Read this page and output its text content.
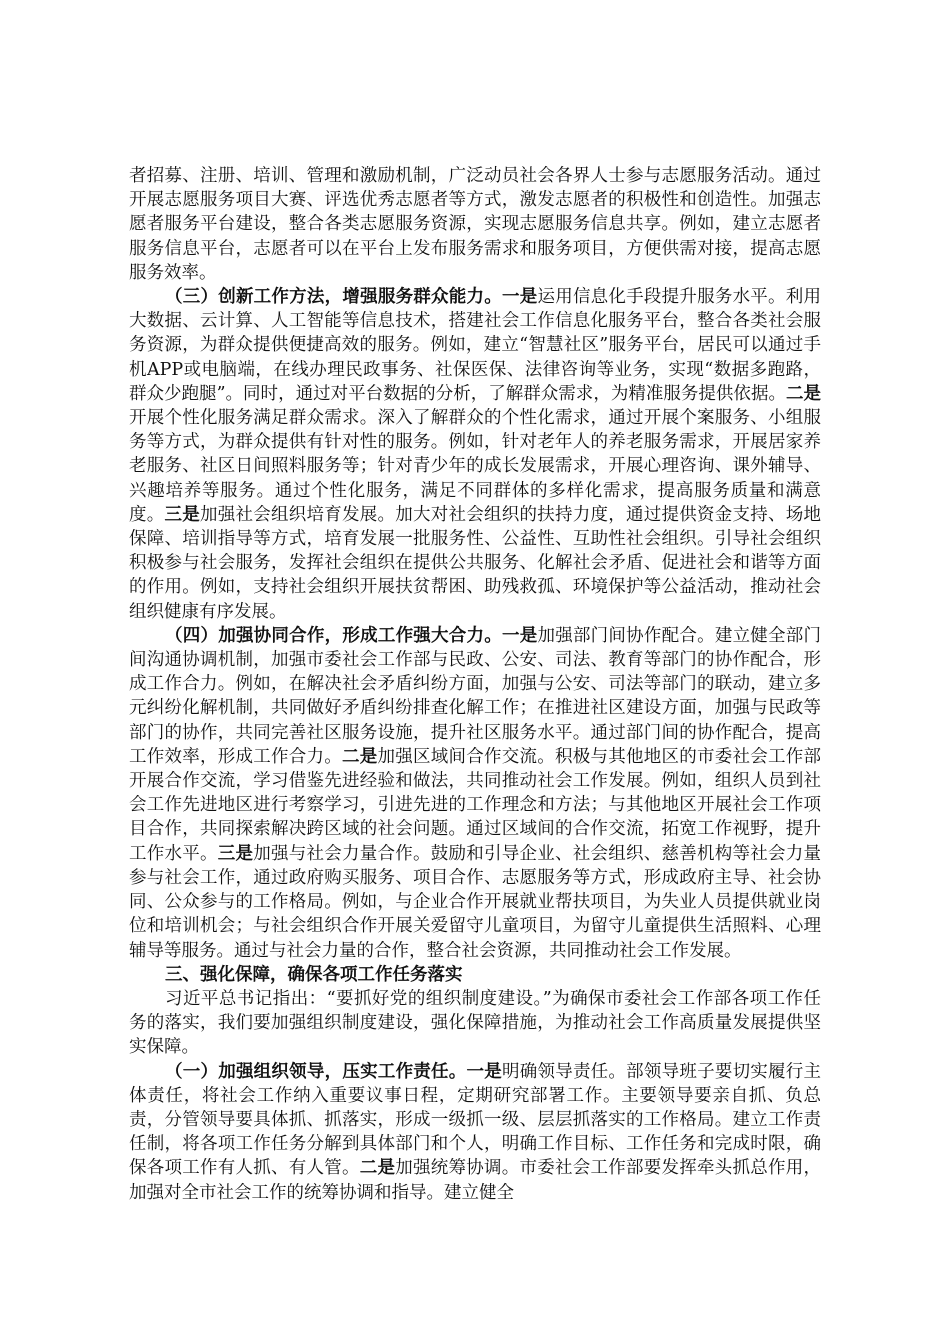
者招募、注册、培训、管理和激励机制，广泛动员社会各界人士参与志愿服务活动。通过开展志愿服务项目大赛、评选优秀志愿者等方式，激发志愿者的积极性和创造性。加强志愿者服务平台建设，整合各类志愿服务资源，实现志愿服务信息共享。例如，建立志愿者服务信息平台，志愿者可以在平台上发布服务需求和服务项目，方便供需对接，提高志愿服务效率。

（三）创新工作方法，增强服务群众能力。一是运用信息化手段提升服务水平。利用大数据、云计算、人工智能等信息技术，搭建社会工作信息化服务平台，整合各类社会服务资源，为群众提供便捷高效的服务。例如，建立“智慧社区”服务平台，居民可以通过手机APP或电脑端，在线办理民政事务、社保医保、法律咨询等业务，实现“数据多跑路，群众少跑腿”。同时，通过对平台数据的分析，了解群众需求，为精准服务提供依据。二是开展个性化服务满足群众需求。深入了解群众的个性化需求，通过开展个案服务、小组服务等方式，为群众提供有针对性的服务。例如，针对老年人的养老服务需求，开展居家养老服务、社区日间照料服务等；针对青少年的成长发展需求，开展心理咨询、课外辅导、兴趣培养等服务。通过个性化服务，满足不同群体的多样化需求，提高服务质量和满意度。三是加强社会组织培育发展。加大对社会组织的扶持力度，通过提供资金支持、场地保障、培训指导等方式，培育发展一批服务性、公益性、互助性社会组织。引导社会组织积极参与社会服务，发挥社会组织在提供公共服务、化解社会矛盾、促进社会和谐等方面的作用。例如，支持社会组织开展扶贫帮困、助残救孤、环境保护等公益活动，推动社会组织健康有序发展。

（四）加强协同合作，形成工作强大合力。一是加强部门间协作配合。建立健全部门间沟通协调机制，加强市委社会工作部与民政、公安、司法、教育等部门的协作配合，形成工作合力。例如，在解决社会矛盾纠纷方面，加强与公安、司法等部门的联动，建立多元纠纷化解机制，共同做好矛盾纠纷排查化解工作；在推进社区建设方面，加强与民政等部门的协作，共同完善社区服务设施，提升社区服务水平。通过部门间的协作配合，提高工作效率，形成工作合力。二是加强区域间合作交流。积极与其他地区的市委社会工作部开展合作交流，学习借鉴先进经验和做法，共同推动社会工作发展。例如，组织人员到社会工作先进地区进行考察学习，引进先进的工作理念和方法；与其他地区开展社会工作项目合作，共同探索解决跨区域的社会问题。通过区域间的合作交流，拓宽工作视野，提升工作水平。三是加强与社会力量合作。鼓励和引导企业、社会组织、慈善机构等社会力量参与社会工作，通过政府购买服务、项目合作、志愿服务等方式，形成政府主导、社会协同、公众参与的工作格局。例如，与企业合作开展就业帮扶项目，为失业人员提供就业岗位和培训机会；与社会组织合作开展关爱留守儿童项目，为留守儿童提供生活照料、心理辅导等服务。通过与社会力量的合作，整合社会资源，共同推动社会工作发展。

三、强化保障，确保各项工作任务落实

习近平总书记指出：“要抓好党的组织制度建设。”为确保市委社会工作部各项工作任务的落实，我们要加强组织制度建设，强化保障措施，为推动社会工作高质量发展提供坚实保障。

（一）加强组织领导，压实工作责任。一是明确领导责任。部领导班子要切实履行主体责任，将社会工作纳入重要议事日程，定期研究部署工作。主要领导要亲自抓、负总责，分管领导要具体抓、抓落实，形成一级抓一级、层层抓落实的工作格局。建立工作责任制，将各项工作任务分解到具体部门和个人，明确工作目标、工作任务和完成时限，确保各项工作有人抓、有人管。二是加强统筹协调。市委社会工作部要发挥牵头抓总作用，加强对全市社会工作的统筹协调和指导。建立健全
